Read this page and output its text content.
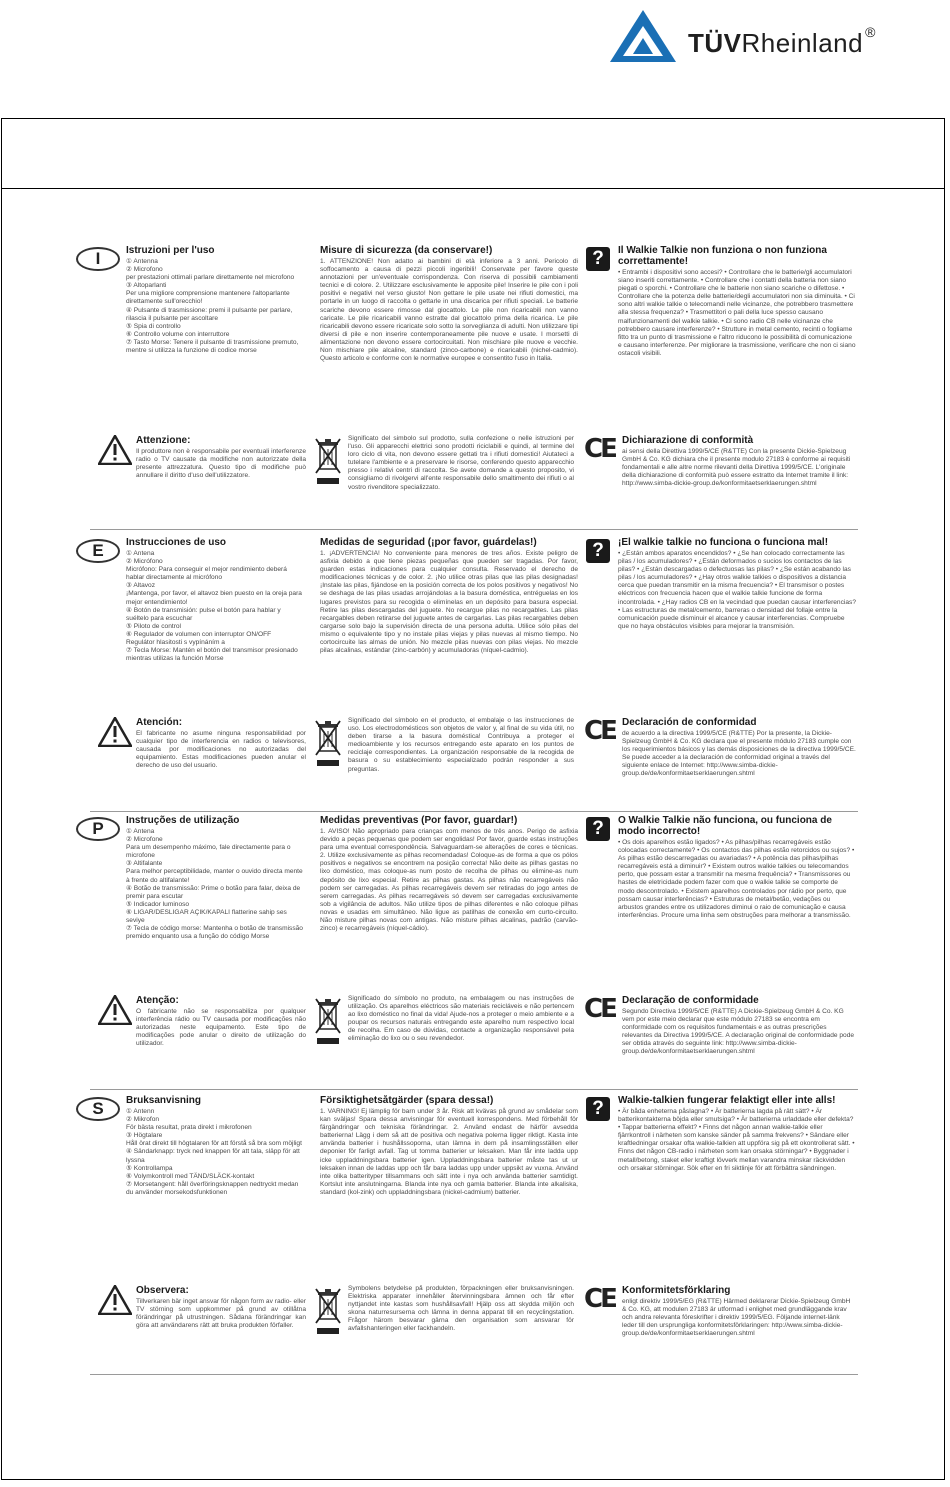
TÜVRheinland ®
I	Istruzioni per l'uso

① Antenna

② Microfono

per prestazioni ottimali parlare direttamente nel microfono

③ Altoparlanti

Per una migliore comprensione mantenere l'altoparlante direttamente sull'orecchio!

④ Pulsante di trasmissione: premi il pulsante per parlare, rilascia il pulsante per ascoltare

⑤ Spia di controllo

⑥ Controllo volume con interruttore

⑦ Tasto Morse: Tenere il pulsante di trasmissione premuto, mentre si utilizza la funzione di codice morse

Misure di sicurezza (da conservare!)

1. ATTENZIONE! Non adatto ai bambini di età inferiore a 3 anni. Pericolo di soffocamento a causa di pezzi piccoli ingeribili! Conservate per favore queste annotazioni per un'eventuale corrispondenza. Con riserva di possibili cambiamenti tecnici e di colore. 2. Utilizzare esclusivamente le apposite pile! Inserire le pile con i poli positivi e negativi nel verso giusto! Non gettare le pile usate nei rifiuti domestici, ma portarle in un luogo di raccolta o gettarle in una discarica per rifiuti speciali. Le batterie scariche devono essere rimosse dal giocattolo. Le pile non ricaricabili non vanno caricate. Le pile ricaricabili vanno estratte dal giocattolo prima della ricarica. Le pile ricaricabili devono essere ricaricate solo sotto la sorveglianza di adulti. Non utilizzare tipi diversi di pile e non inserire contemporaneamente pile nuove e usate. I morsetti di alimentazione non devono essere cortocircuitati. Non mischiare pile nuove e vecchie. Non mischiare pile alcaline, standard (zinco-carbone) e ricaricabili (nichel-cadmio). Questo articolo e conforme con le normative europee e consentito l'uso in Italia.

?	Il Walkie Talkie non funziona o non funziona correttamente!

• Entrambi i dispositivi sono accesi? • Controllare che le batterie/gli accumulatori siano inseriti correttamente. • Controllare che i contatti della batteria non siano piegati o sporchi. • Controllare che le batterie non siano scariche o difettose. • Controllare che la potenza delle batterie/degli accumulatori non sia diminuita. • Ci sono altri walkie talkie o telecomandi nelle vicinanze, che potrebbero trasmettere alla stessa frequenza? • Trasmettitori o pali della luce spesso causano malfunzionamenti del walkie talkie. • Ci sono radio CB nelle vicinanze che potrebbero causare interferenze? • Strutture in metal cemento, recinti o fogliame fitto tra un punto di trasmissione e l'altro riducono le possibilità di comunicazione e causano interferenze. Per migliorare la trasmissione, verificare che non ci siano ostacoli visibili.

Attenzione:

Il produttore non è responsabile per eventuali interferenze radio o TV causate da modifiche non autorizzate della presente attrezzatura. Questo tipo di modifiche può annullare il diritto d'uso dell'utilizzatore.

Significato del simbolo sul prodotto, sulla confezione o nelle istruzioni per l'uso. Gli apparecchi elettrici sono prodotti riciclabili e quindi, al termine del loro ciclo di vita, non devono essere gettati tra i rifiuti domestici! Aiutateci a tutelare l'ambiente e a preservare le risorse, conferendo questo apparecchio presso i relativi centri di raccolta. Se avete domande a questo proposito, vi consigliamo di rivolgervi all'ente responsabile dello smaltimento dei rifiuti o al vostro rivenditore specializzato.

CE Dichiarazione di conformità

ai sensi della Direttiva 1999/5/CE (R&TTE) Con la presente Dickie-Spielzeug GmbH & Co. KG dichiara che il presente modulo 27183 è conforme ai requisiti fondamentali e alle altre norme rilevanti della Direttiva 1999/5/CE. L'originale della dichiarazione di conformità può essere estratto da Internet tramite il link: http://www.simba-dickie-group.de/konformitaetserklaerungen.shtml

E	Instrucciones de uso

① Antena

② Micrófono

Micrófono: Para conseguir el mejor rendimiento deberá hablar directamente al micrófono

③ Altavoz

¡Mantenga, por favor, el altavoz bien puesto en la oreja para mejor entendimiento!

④ Botón de transmisión: pulse el botón para hablar y suéltelo para escuchar

⑤ Piloto de control

⑥ Regulador de volumen con interruptor ON/OFF

Regulátor hlasitosti s vypínáním a

⑦ Tecla Morse: Mantén el botón del transmisor presionado mientras utilizas la función Morse

Medidas de seguridad (¡por favor, guárdelas!)

1. ¡ADVERTENCIA! No conveniente para menores de tres años. Existe peligro de asfixia debido a que tiene piezas pequeñas que pueden ser tragadas. Por favor, guarden estas indicaciones para cualquier consulta. Reservado el derecho de modificaciones técnicas y de color. 2. ¡No utilice otras pilas que las pilas designadas! ¡Instale las pilas, fijándose en la posición correcta de los polos positivos y negativos! No se deshaga de las pilas usadas arrojándolas a la basura doméstica, entréguelas en los lugares previstos para su recogida o elimínelas en un depósito para basura especial. Retire las pilas descargadas del juguete. No recargue pilas no recargables. Las pilas recargables deben retirarse del juguete antes de cargarlas. Las pilas recargables deben cargarse solo bajo la supervisión directa de una persona adulta. Utilice sólo pilas del mismo o equivalente tipo y no instale pilas viejas y pilas nuevas al mismo tiempo. No cortocircuite las almas de unión. No mezcle pilas nuevas con pilas viejas. No mezcle pilas alcalinas, estándar (zinc-carbón) y acumuladoras (níquel-cadmio).

?	¡El walkie talkie no funciona o funciona mal!

• ¿Están ambos aparatos encendidos? • ¿Se han colocado correctamente las pilas / los acumuladores? • ¿Están deformados o sucios los contactos de las pilas? • ¿Están descargadas o defectuosas las pilas? • ¿Se están acabando las pilas / los acumuladores? • ¿Hay otros walkie talkies o dispositivos a distancia cerca que puedan transmitir en la misma frecuencia? • El transmisor o postes eléctricos con frecuencia hacen que el walkie talkie funcione de forma incontrolada. • ¿Hay radios CB en la vecindad que puedan causar interferencias? • Las estructuras de metal/cemento, barreras o densidad del follaje entre la comunicación puede disminuir el alcance y causar interferencias. Compruebe que no haya obstáculos visibles para mejorar la transmisión.

Atención:

El fabricante no asume ninguna responsabilidad por cualquier tipo de interferencia en radios o televisores, causada por modificaciones no autorizadas del equipamiento. Estas modificaciones pueden anular el derecho de uso del usuario.

Significado del símbolo en el producto, el embalaje o las instrucciones de uso. Los electrodomésticos son objetos de valor y, al final de su vida útil, no deben tirarse a la basura doméstica! Contribuya a proteger el medioambiente y los recursos entregando este aparato en los puntos de reciclaje correspondientes. La organización responsable de la recogida de basura o su establecimiento especializado podrán responder a sus preguntas.

CE Declaración de conformidad

de acuerdo a la directiva 1999/5/CE (R&TTE) Por la presente, la Dickie-Spielzeug GmbH & Co. KG declara que el presente módulo 27183 cumple con los requerimientos básicos y las demás disposiciones de la directiva 1999/5/CE. Se puede acceder a la declaración de conformidad original a través del siguiente enlace de Internet: http://www.simba-dickie-group.de/de/konformitaetserklaerungen.shtml

P	Instruções de utilização

① Antena

② Microfone

Para um desempenho máximo, fale directamente para o microfone

③ Altifalante

Para melhor perceptibilidade, manter o ouvido directa mente à frente do altifalante!

④ Botão de transmissão: Prime o botão para falar, deixa de premir para escutar

⑤ Indicador luminoso

⑥ LIGAR/DESLIGAR AÇIK/KAPALI flatterine sahip ses seviye

⑦ Tecla de código morse: Mantenha o botão de transmissão premido enquanto usa a função do código Morse

Medidas preventivas (Por favor, guardar!)

1. AVISO! Não apropriado para crianças com menos de três anos. Perigo de asfixia devido a peças pequenas que podem ser engolidas! Por favor, guarde estas instruções para uma eventual correspondência. Salvaguardam-se alterações de cores e técnicas. 2. Utilize exclusivamente as pilhas recomendadas! Coloque-as de forma a que os pólos positivos e negativos se encontrem na posição correcta! Não deite as pilhas gastas no lixo doméstico, mas coloque-as num posto de recolha de pilhas ou elimine-as num depósito de lixo especial. Retire as pilhas gastas. As pilhas não recarregáveis não podem ser carregadas. As pilhas recarregáveis devem ser retiradas do jogo antes de serem carregadas. As pilhas recarregáveis só devem ser carregadas exclusivamente sob a vigilância de adultos. Não utilize tipos de pilhas diferentes e não coloque pilhas novas e usadas em simultâneo. Não ligue as patilhas de conexão em curto-circuito. Não misture pilhas novas com antigas. Não misture pilhas alcalinas, padrão (carvão-zinco) e recarregáveis (níquel-cádio).

?	O Walkie Talkie não funciona, ou funciona de modo incorrecto!

• Os dois aparelhos estão ligados? • As pilhas/pilhas recarregáveis estão colocadas correctamente? • Os contactos das pilhas estão retorcidos ou sujos? • As pilhas estão descarregadas ou avariadas? • A potência das pilhas/pilhas recarregáveis está a diminuir? • Existem outros walkie talkies ou telecomandos perto, que possam estar a transmitir na mesma frequência? • Transmissores ou hastes de eletricidade podem fazer com que o walkie talkie se comporte de modo descontrolado. • Existem aparelhos controlados por rádio por perto, que possam causar interferências? • Estruturas de metal/betão, vedações ou arbustos grandes entre os utilizadores diminui o raio de comunicação e causa interferências. Procure uma linha sem obstruções para melhorar a transmissão.

Atenção:

O fabricante não se responsabiliza por qualquer interferência rádio ou TV causada por modificações não autorizadas neste equipamento. Este tipo de modificações pode anular o direito de utilização do utilizador.

Significado do símbolo no produto, na embalagem ou nas instruções de utilização. Os aparelhos eléctricos são materiais recicláveis e não pertencem ao lixo doméstico no final da vida! Ajude-nos a proteger o meio ambiente e a poupar os recursos naturais entregando este aparelho num respectivo local de recolha. Em caso de dúvidas, contacte a organização responsável pela eliminação do lixo ou o seu revendedor.

CE Declaração de conformidade

Segundo Directiva 1999/5/CE (R&TTE) A Dickie-Spielzeug GmbH & Co. KG vem por este meio declarar que este módulo 27183 se encontra em conformidade com os requisitos fundamentais e as outras prescrições relevantes da Directiva 1999/5/CE. A declaração original de conformidade pode ser obtida através do seguinte link: http://www.simba-dickie-group.de/de/konformitaetserklaerungen.shtml

S	Bruksanvisning

① Antenn

② Mikrofon

För bästa resultat, prata direkt i mikrofonen

③ Högtalare

Håll örat direkt till högtalaren för att förstå så bra som möjligt

④ Sändarknapp: tryck ned knappen för att tala, släpp för att lyssna

⑤ Kontrollampa

⑥ Volymkontroll med TÄND/SLÄCK-kontakt

⑦ Morsetangent: håll överföringsknappen nedtryckt medan du använder morsekodsfunktionen

Försiktighetsåtgärder (spara dessa!)

1. VARNING! Ej lämplig för barn under 3 år. Risk att kvävas på grund av smådelar som kan sväljas! Spara dessa anvisningar för eventuell korrespondens. Med förbehåll för färgändringar och tekniska förändringar. 2. Använd endast de härför avsedda batterierna! Lägg i dem så att de positiva och negativa polerna ligger riktigt. Kasta inte använda batterier i hushållssoporna, utan lämna in dem på insamlingsställen eller deponier för farligt avfall. Tag ut tomma batterier ur leksaken. Man får inte ladda upp icke uppladdningsbara batterier igen. Uppladdningsbara batterier måste tas ut ur leksaken innan de laddas upp och får bara laddas upp under uppsikt av vuxna. Använd inte olika batterityper tillsammans och sätt inte i nya och använda batterier samtidigt. Kortslut inte anslutningarna. Blanda inte nya och gamla batterier. Blanda inte alkaliska, standard (kol-zink) och uppladdningsbara (nickel-cadmium) batterier.

?	Walkie-talkien fungerar felaktigt eller inte alls!

• Är båda enheterna påslagna? • Är batterierna lagda på rätt sätt? • Är batterikontakterna böjda eller smutsiga? • Är batterierna urladdade eller defekta? • Tappar batterierna effekt? • Finns det någon annan walkie-talkie eller fjärrkontroll i närheten som kanske sänder på samma frekvens? • Sändare eller kraftledningar orsakar ofta walkie-talkien att uppföra sig på ett okontrollerat sätt. • Finns det någon CB-radio i närheten som kan orsaka störningar? • Byggnader i metall/betong, staket eller kraftigt lövverk mellan varandra minskar räckvidden och orsakar störningar. Sök efter en fri siktlinje för att förbättra sändningen.

Observera:

Tillverkaren bär inget ansvar för någon form av radio- eller TV störning som uppkommer på grund av otillåtna förändringar på utrustningen. Sådana förändringar kan göra att användarens rätt att bruka produkten förfaller.

Symbolens betydelse på produkten, förpackningen eller bruksanvisningen. Elektriska apparater innehåller återvinningsbara ämnen och får efter nyttjandet inte kastas som hushållsavfall! Hjälp oss att skydda miljön och skona naturresurserna och lämna in denna apparat till en recyclingstation. Frågor härom besvarar gärna den organisation som ansvarar för avfallshanteringen eller fackhandeln.

CE Konformitetsförklaring

enligt direktiv 1999/5/EG (R&TTE) Härmed deklarerar Dickie-Spielzeug GmbH & Co. KG, att modulen 27183 är utformad i enlighet med grundläggande krav och andra relevanta föreskrifter i direktiv 1999/5/EG. Följande internet-länk leder till den ursprungliga konformitetsförklaringen: http://www.simba-dickie-group.de/de/konformitaetserklaerungen.shtml
